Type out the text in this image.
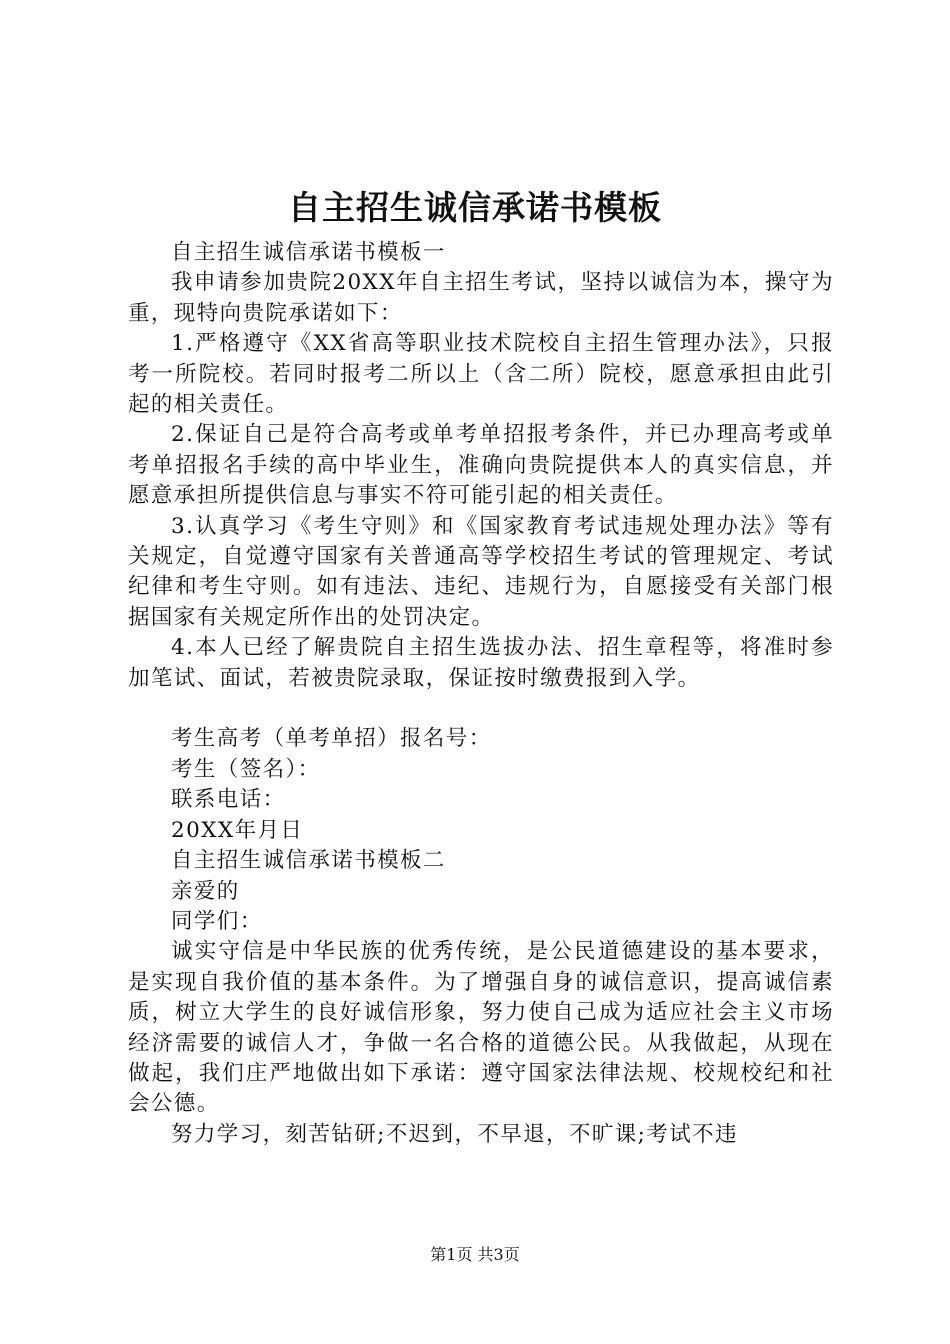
自主招生诚信承诺书模板

自主招生诚信承诺书模板一

我申请参加贵院20XX年自主招生考试，坚持以诚信为本，操守为重，现特向贵院承诺如下：

1.严格遵守《XX省高等职业技术院校自主招生管理办法》，只报考一所院校。若同时报考二所以上（含二所）院校，愿意承担由此引起的相关责任。

2.保证自己是符合高考或单考单招报考条件，并已办理高考或单考单招报名手续的高中毕业生，准确向贵院提供本人的真实信息，并愿意承担所提供信息与事实不符可能引起的相关责任。

3.认真学习《考生守则》和《国家教育考试违规处理办法》等有关规定，自觉遵守国家有关普通高等学校招生考试的管理规定、考试纪律和考生守则。如有违法、违纪、违规行为，自愿接受有关部门根据国家有关规定所作出的处罚决定。

4.本人已经了解贵院自主招生选拔办法、招生章程等，将准时参加笔试、面试，若被贵院录取，保证按时缴费报到入学。

考生高考（单考单招）报名号：

考生（签名）：

联系电话：

20XX年月日

自主招生诚信承诺书模板二

亲爱的

同学们：

诚实守信是中华民族的优秀传统，是公民道德建设的基本要求，是实现自我价值的基本条件。为了增强自身的诚信意识，提高诚信素质，树立大学生的良好诚信形象，努力使自己成为适应社会主义市场经济需要的诚信人才，争做一名合格的道德公民。从我做起，从现在做起，我们庄严地做出如下承诺：遵守国家法律法规、校规校纪和社会公德。

努力学习，刻苦钻研;不迟到，不早退，不旷课;考试不违

第1页 共3页
